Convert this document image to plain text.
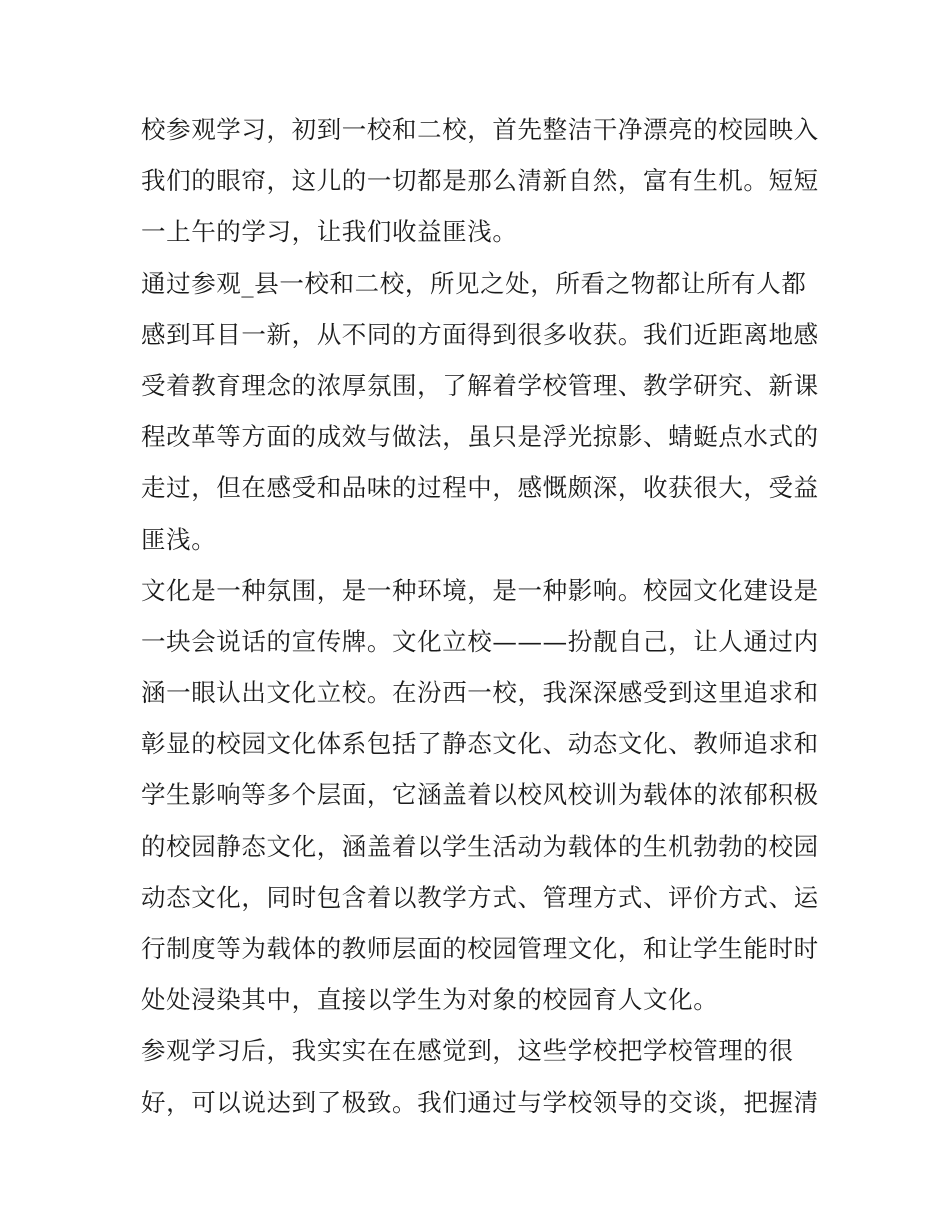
校参观学习，初到一校和二校，首先整洁干净漂亮的校园映入
我们的眼帘，这儿的一切都是那么清新自然，富有生机。短短
一上午的学习，让我们收益匪浅。
通过参观_县一校和二校，所见之处，所看之物都让所有人都
感到耳目一新，从不同的方面得到很多收获。我们近距离地感
受着教育理念的浓厚氛围，了解着学校管理、教学研究、新课
程改革等方面的成效与做法，虽只是浮光掠影、蜻蜓点水式的
走过，但在感受和品味的过程中，感慨颇深，收获很大，受益
匪浅。
文化是一种氛围，是一种环境，是一种影响。校园文化建设是
一块会说话的宣传牌。文化立校———扮靓自己，让人通过内
涵一眼认出文化立校。在汾西一校，我深深感受到这里追求和
彰显的校园文化体系包括了静态文化、动态文化、教师追求和
学生影响等多个层面，它涵盖着以校风校训为载体的浓郁积极
的校园静态文化，涵盖着以学生活动为载体的生机勃勃的校园
动态文化，同时包含着以教学方式、管理方式、评价方式、运
行制度等为载体的教师层面的校园管理文化，和让学生能时时
处处浸染其中，直接以学生为对象的校园育人文化。
参观学习后，我实实在在感觉到，这些学校把学校管理的很
好，可以说达到了极致。我们通过与学校领导的交谈，把握清
